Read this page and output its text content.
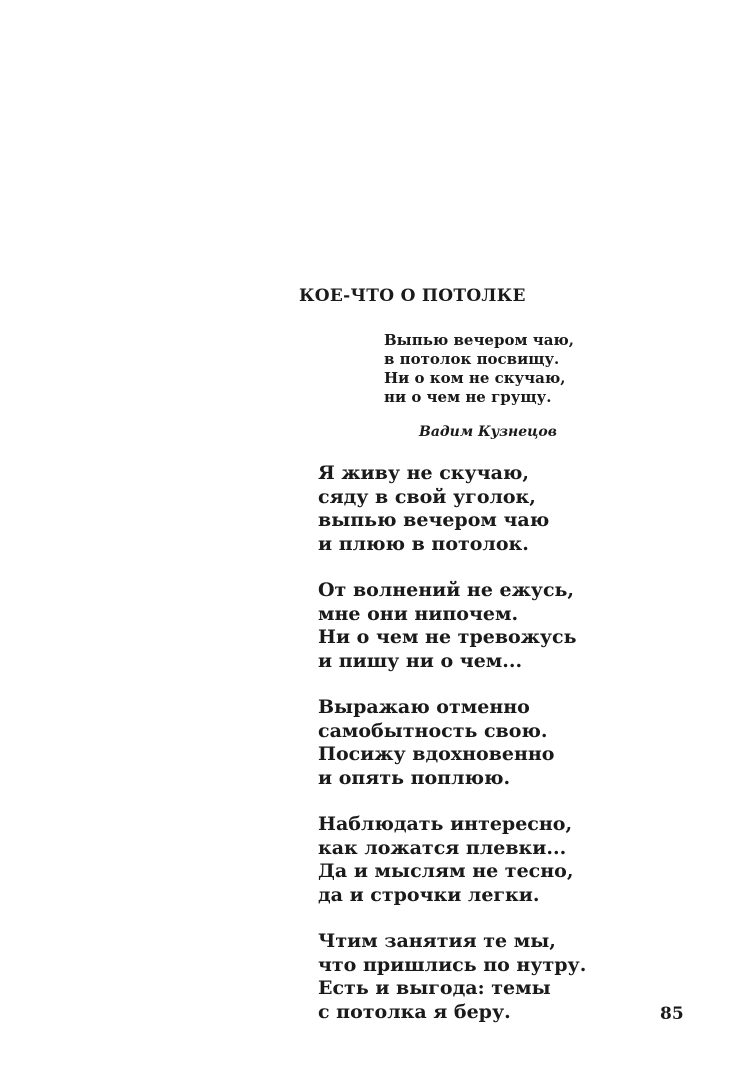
КОЕ-ЧТО О ПОТОЛКЕ
Выпью вечером чаю,
в потолок посвищу.
Ни о ком не скучаю,
ни о чем не грущу.
Вадим Кузнецов
Я живу не скучаю,
сяду в свой уголок,
выпью вечером чаю
и плюю в потолок.
От волнений не ежусь,
мне они нипочем.
Ни о чем не тревожусь
и пишу ни о чем...
Выражаю отменно
самобытность свою.
Посижу вдохновенно
и опять поплюю.
Наблюдать интересно,
как ложатся плевки...
Да и мыслям не тесно,
да и строчки легки.
Чтим занятия те мы,
что пришлись по нутру.
Есть и выгода: темы
с потолка я беру.	85
